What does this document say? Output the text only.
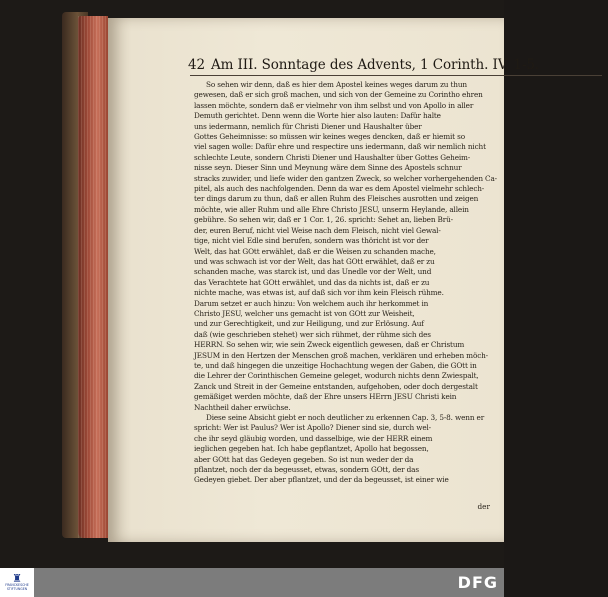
42 Am III. Sonntage des Advents, 1 Corinth. IV, 1-5.
So sehen wir denn, daß es hier dem Apostel keines weges darum zu thun
gewesen, daß er sich groß machen, und sich von der Gemeine zu Corintho ehren
lassen möchte, sondern daß er vielmehr von ihm selbst und von Apollo in aller
Demuth gerichtet. Denn wenn die Worte hier also lauten: Dafür halte
uns iedermann, nemlich für Christi Diener und Haushalter über
Gottes Geheimnisse: so müssen wir keines weges dencken, daß er hiemit so
viel sagen wolle: Dafür ehre und respectire uns iedermann, daß wir nemlich nicht
schlechte Leute, sondern Christi Diener und Haushalter über Gottes Geheim-
nisse seyn. Dieser Sinn und Meynung wäre dem Sinne des Apostels schnur
stracks zuwider, und liefe wider den gantzen Zweck, so welcher vorhergehenden Ca-
pitel, als auch des nachfolgenden. Denn da war es dem Apostel vielmehr schlech-
ter dings darum zu thun, daß er allen Ruhm des Fleisches ausrotten und zeigen
möchte, wie aller Ruhm und alle Ehre Christo JESU, unserm Heylande, allein
gebühre. So sehen wir, daß er 1 Cor. 1, 26. spricht: Sehet an, lieben Brü-
der, euren Beruf, nicht viel Weise nach dem Fleisch, nicht viel Gewal-
tige, nicht viel Edle sind berufen, sondern was thöricht ist vor der
Welt, das hat GOtt erwählet, daß er die Weisen zu schanden mache,
und was schwach ist vor der Welt, das hat GOtt erwählet, daß er zu
schanden mache, was starck ist, und das Unedle vor der Welt, und
das Verachtete hat GOtt erwählet, und das da nichts ist, daß er zu
nichte mache, was etwas ist, auf daß sich vor ihm kein Fleisch rühme.
Darum setzet er auch hinzu: Von welchem auch ihr herkommet in
Christo JESU, welcher uns gemacht ist von GOtt zur Weisheit,
und zur Gerechtigkeit, und zur Heiligung, und zur Erlösung. Auf
daß (wie geschrieben stehet) wer sich rühmet, der rühme sich des
HERRN. So sehen wir, wie sein Zweck eigentlich gewesen, daß er Christum
JESUM in den Hertzen der Menschen groß machen, verklären und erheben möch-
te, und daß hingegen die unzeitige Hochachtung wegen der Gaben, die GOtt in
die Lehrer der Corinthischen Gemeine geleget, wodurch nichts denn Zwiespalt,
Zanck und Streit in der Gemeine entstanden, aufgehoben, oder doch dergestalt
gemäßiget werden möchte, daß der Ehre unsers HErrn JESU Christi kein
Nachtheil daher erwüchse.
Diese seine Absicht giebt er noch deutlicher zu erkennen Cap. 3, 5-8. wenn er
spricht: Wer ist Paulus? Wer ist Apollo? Diener sind sie, durch wel-
che ihr seyd gläubig worden, und dasselbige, wie der HERR einem
ieglichen gegeben hat. Ich habe gepflantzet, Apollo hat begossen,
aber GOtt hat das Gedeyen gegeben. So ist nun weder der da
pflantzet, noch der da begeusset, etwas, sondern GOtt, der das
Gedeyen giebet. Der aber pflantzet, und der da begeusset, ist einer wie
der
♜
FRANCKESCHE STIFTUNGEN	DFG
